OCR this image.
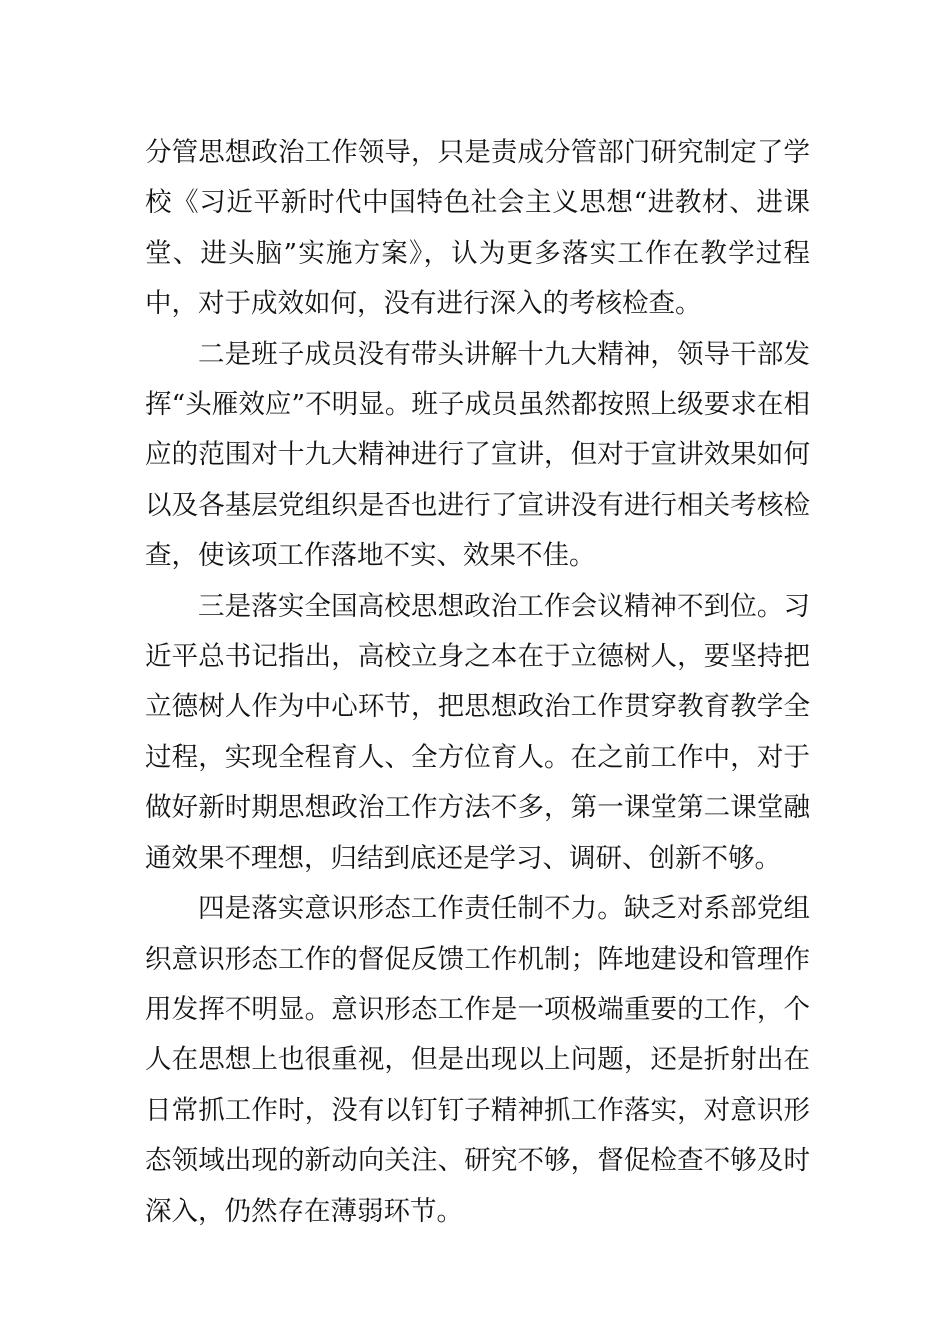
分管思想政治工作领导，只是责成分管部门研究制定了学校《习近平新时代中国特色社会主义思想“进教材、进课堂、进头脑”实施方案》，认为更多落实工作在教学过程中，对于成效如何，没有进行深入的考核检查。

二是班子成员没有带头讲解十九大精神，领导干部发挥“头雁效应”不明显。班子成员虽然都按照上级要求在相应的范围对十九大精神进行了宣讲，但对于宣讲效果如何以及各基层党组织是否也进行了宣讲没有进行相关考核检查，使该项工作落地不实、效果不佳。

三是落实全国高校思想政治工作会议精神不到位。习近平总书记指出，高校立身之本在于立德树人，要坚持把立德树人作为中心环节，把思想政治工作贯穿教育教学全过程，实现全程育人、全方位育人。在之前工作中，对于做好新时期思想政治工作方法不多，第一课堂第二课堂融通效果不理想，归结到底还是学习、调研、创新不够。

四是落实意识形态工作责任制不力。缺乏对系部党组织意识形态工作的督促反馈工作机制；阵地建设和管理作用发挥不明显。意识形态工作是一项极端重要的工作，个人在思想上也很重视，但是出现以上问题，还是折射出在日常抓工作时，没有以钉钉子精神抓工作落实，对意识形态领域出现的新动向关注、研究不够，督促检查不够及时深入，仍然存在薄弱环节。
